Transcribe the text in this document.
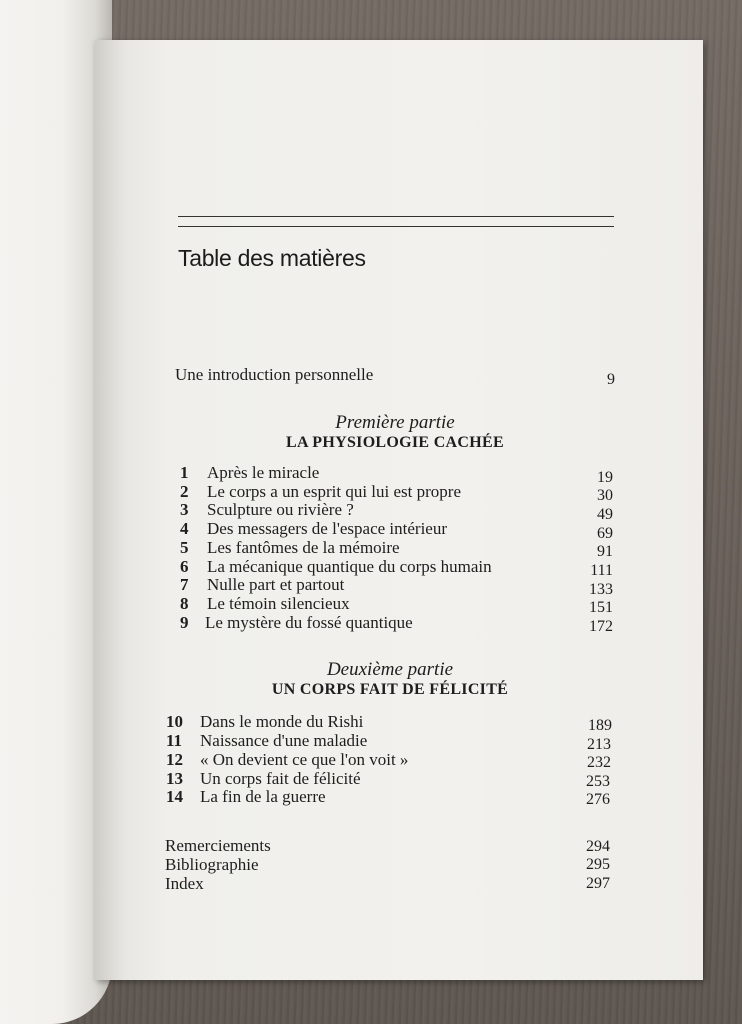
Table des matières
Une introduction personnelle	9
Première partie
LA PHYSIOLOGIE CACHÉE
1 Après le miracle	19
2 Le corps a un esprit qui lui est propre	30
3 Sculpture ou rivière ?	49
4 Des messagers de l'espace intérieur	69
5 Les fantômes de la mémoire	91
6 La mécanique quantique du corps humain	111
7 Nulle part et partout	133
8 Le témoin silencieux	151
9 Le mystère du fossé quantique	172
Deuxième partie
UN CORPS FAIT DE FÉLICITÉ
10 Dans le monde du Rishi	189
11 Naissance d'une maladie	213
12 « On devient ce que l'on voit »	232
13 Un corps fait de félicité	253
14 La fin de la guerre	276
Remerciements	294
Bibliographie	295
Index	297
